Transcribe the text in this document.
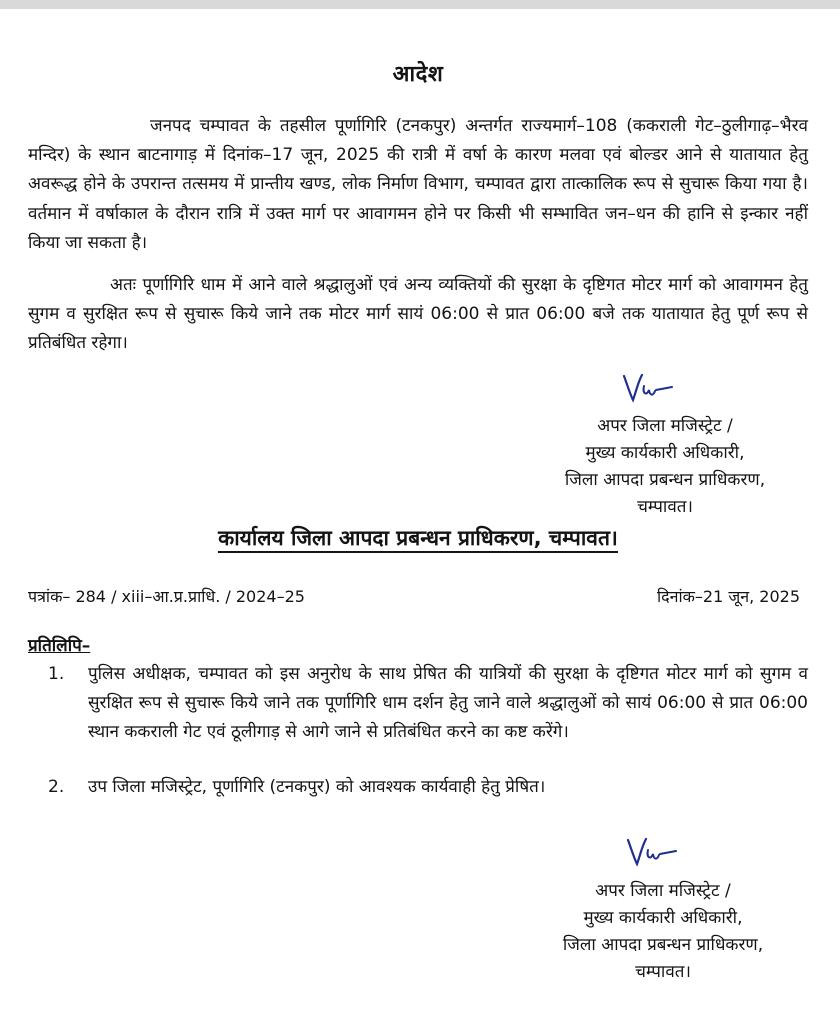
आदेश

जनपद चम्पावत के तहसील पूर्णागिरि (टनकपुर) अन्तर्गत राज्यमार्ग–108 (ककराली गेट–ठुलीगाढ़–भैरव मन्दिर) के स्थान बाटनागाड़ में दिनांक–17 जून, 2025 की रात्री में वर्षा के कारण मलवा एवं बोल्डर आने से यातायात हेतु अवरूद्ध होने के उपरान्त तत्समय में प्रान्तीय खण्ड, लोक निर्माण विभाग, चम्पावत द्वारा तात्कालिक रूप से सुचारू किया गया है। वर्तमान में वर्षाकाल के दौरान रात्रि में उक्त मार्ग पर आवागमन होने पर किसी भी सम्भावित जन–धन की हानि से इन्कार नहीं किया जा सकता है।

अतः पूर्णागिरि धाम में आने वाले श्रद्धालुओं एवं अन्य व्यक्तियों की सुरक्षा के दृष्टिगत मोटर मार्ग को आवागमन हेतु सुगम व सुरक्षित रूप से सुचारू किये जाने तक मोटर मार्ग सायं 06:00 से प्रात 06:00 बजे तक यातायात हेतु पूर्ण रूप से प्रतिबंधित रहेगा।

अपर जिला मजिस्ट्रेट /
मुख्य कार्यकारी अधिकारी,
जिला आपदा प्रबन्धन प्राधिकरण,
चम्पावत।
कार्यालय जिला आपदा प्रबन्धन प्राधिकरण, चम्पावत।
पत्रांक– 284 / xiii–आ.प्र.प्राधि. / 2024–25	दिनांक–21 जून, 2025
प्रतिलिपि–
1.	पुलिस अधीक्षक, चम्पावत को इस अनुरोध के साथ प्रेषित की यात्रियों की सुरक्षा के दृष्टिगत मोटर मार्ग को सुगम व सुरक्षित रूप से सुचारू किये जाने तक पूर्णागिरि धाम दर्शन हेतु जाने वाले श्रद्धालुओं को सायं 06:00 से प्रात 06:00 स्थान ककराली गेट एवं ठूलीगाड़ से आगे जाने से प्रतिबंधित करने का कष्ट करेंगे।

2.	उप जिला मजिस्ट्रेट, पूर्णागिरि (टनकपुर) को आवश्यक कार्यवाही हेतु प्रेषित।

अपर जिला मजिस्ट्रेट /
मुख्य कार्यकारी अधिकारी,
जिला आपदा प्रबन्धन प्राधिकरण,
चम्पावत।
